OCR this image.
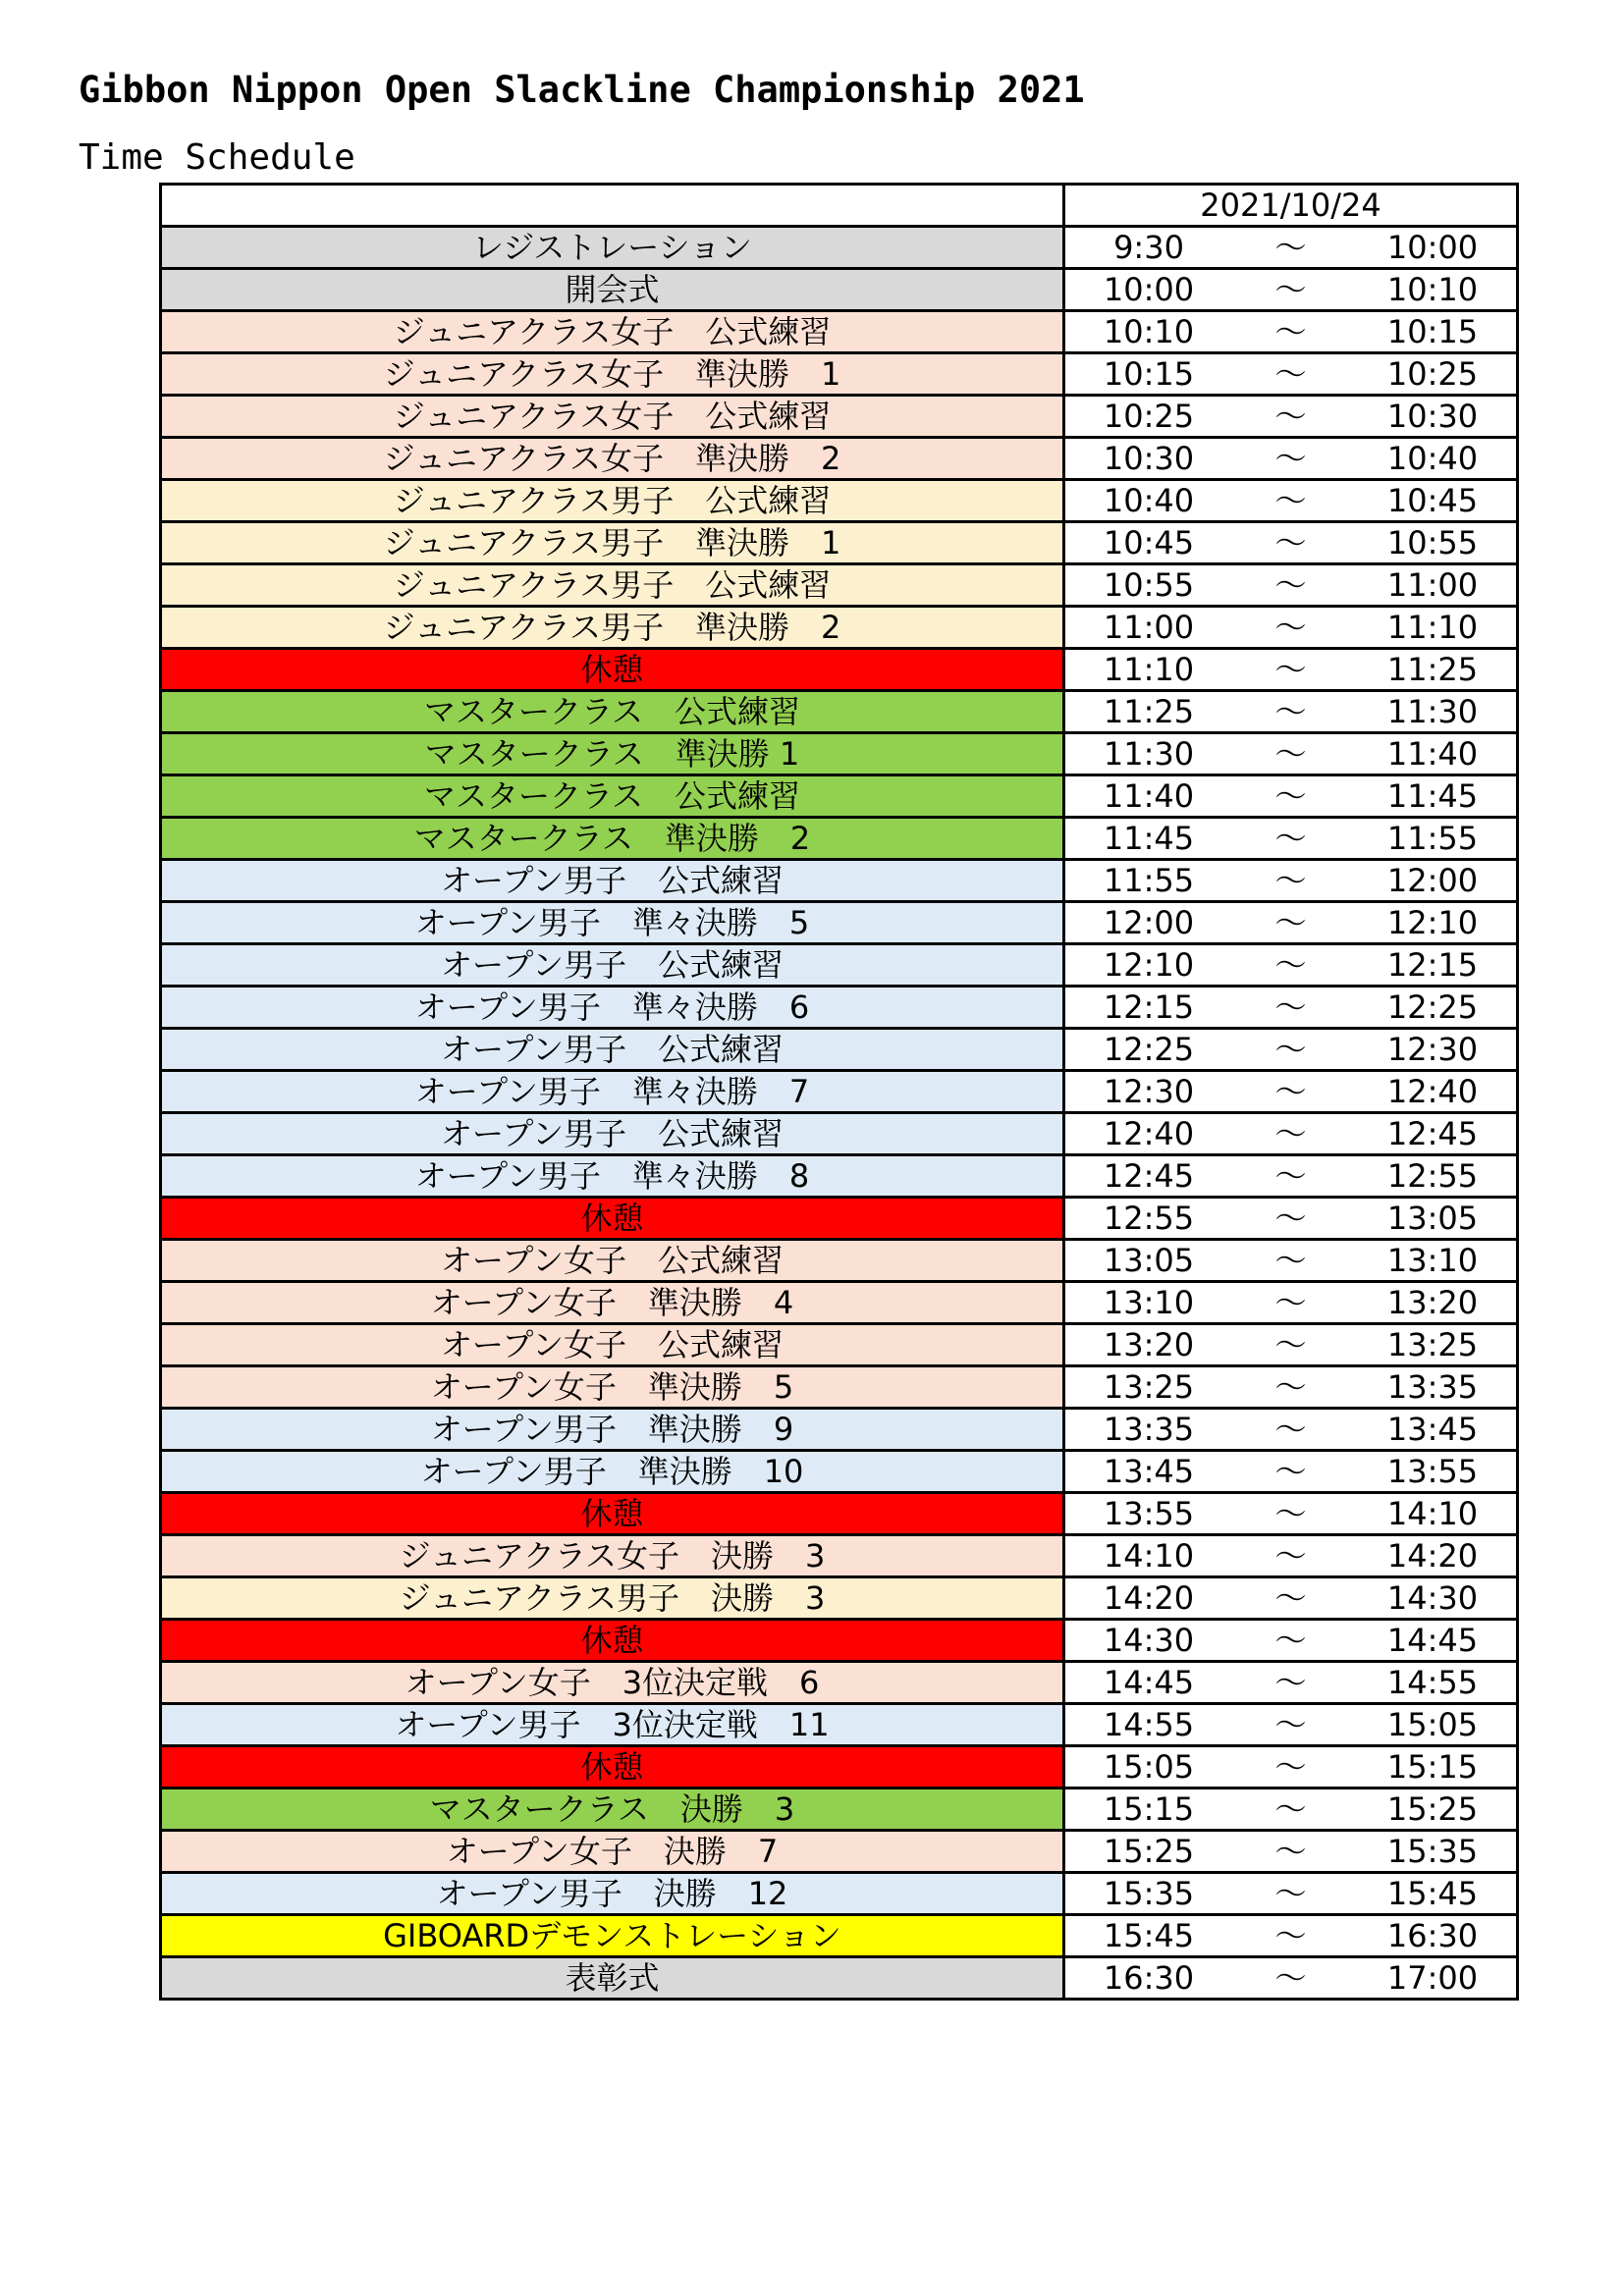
Gibbon Nippon Open Slackline Championship 2021
Time Schedule
	2021/10/24
レジストレーション	9:30 ～ 10:00

開会式	10:00 ～ 10:10

ジュニアクラス女子　公式練習	10:10 ～ 10:15

ジュニアクラス女子　準決勝　1	10:15 ～ 10:25

ジュニアクラス女子　公式練習	10:25 ～ 10:30

ジュニアクラス女子　準決勝　2	10:30 ～ 10:40

ジュニアクラス男子　公式練習	10:40 ～ 10:45

ジュニアクラス男子　準決勝　1	10:45 ～ 10:55

ジュニアクラス男子　公式練習	10:55 ～ 11:00

ジュニアクラス男子　準決勝　2	11:00 ～ 11:10

休憩	11:10 ～ 11:25

マスタークラス　公式練習	11:25 ～ 11:30

マスタークラス　準決勝 1	11:30 ～ 11:40

マスタークラス　公式練習	11:40 ～ 11:45

マスタークラス　準決勝　2	11:45 ～ 11:55

オープン男子　公式練習	11:55 ～ 12:00

オープン男子　準々決勝　5	12:00 ～ 12:10

オープン男子　公式練習	12:10 ～ 12:15

オープン男子　準々決勝　6	12:15 ～ 12:25

オープン男子　公式練習	12:25 ～ 12:30

オープン男子　準々決勝　7	12:30 ～ 12:40

オープン男子　公式練習	12:40 ～ 12:45

オープン男子　準々決勝　8	12:45 ～ 12:55

休憩	12:55 ～ 13:05

オープン女子　公式練習	13:05 ～ 13:10

オープン女子　準決勝　4	13:10 ～ 13:20

オープン女子　公式練習	13:20 ～ 13:25

オープン女子　準決勝　5	13:25 ～ 13:35

オープン男子　準決勝　9	13:35 ～ 13:45

オープン男子　準決勝　10	13:45 ～ 13:55

休憩	13:55 ～ 14:10

ジュニアクラス女子　決勝　3	14:10 ～ 14:20

ジュニアクラス男子　決勝　3	14:20 ～ 14:30

休憩	14:30 ～ 14:45

オープン女子　3位決定戦　6	14:45 ～ 14:55

オープン男子　3位決定戦　11	14:55 ～ 15:05

休憩	15:05 ～ 15:15

マスタークラス　決勝　3	15:15 ～ 15:25

オープン女子　決勝　7	15:25 ～ 15:35

オープン男子　決勝　12	15:35 ～ 15:45

GIBOARDデモンストレーション	15:45 ～ 16:30

表彰式	16:30 ～ 17:00
